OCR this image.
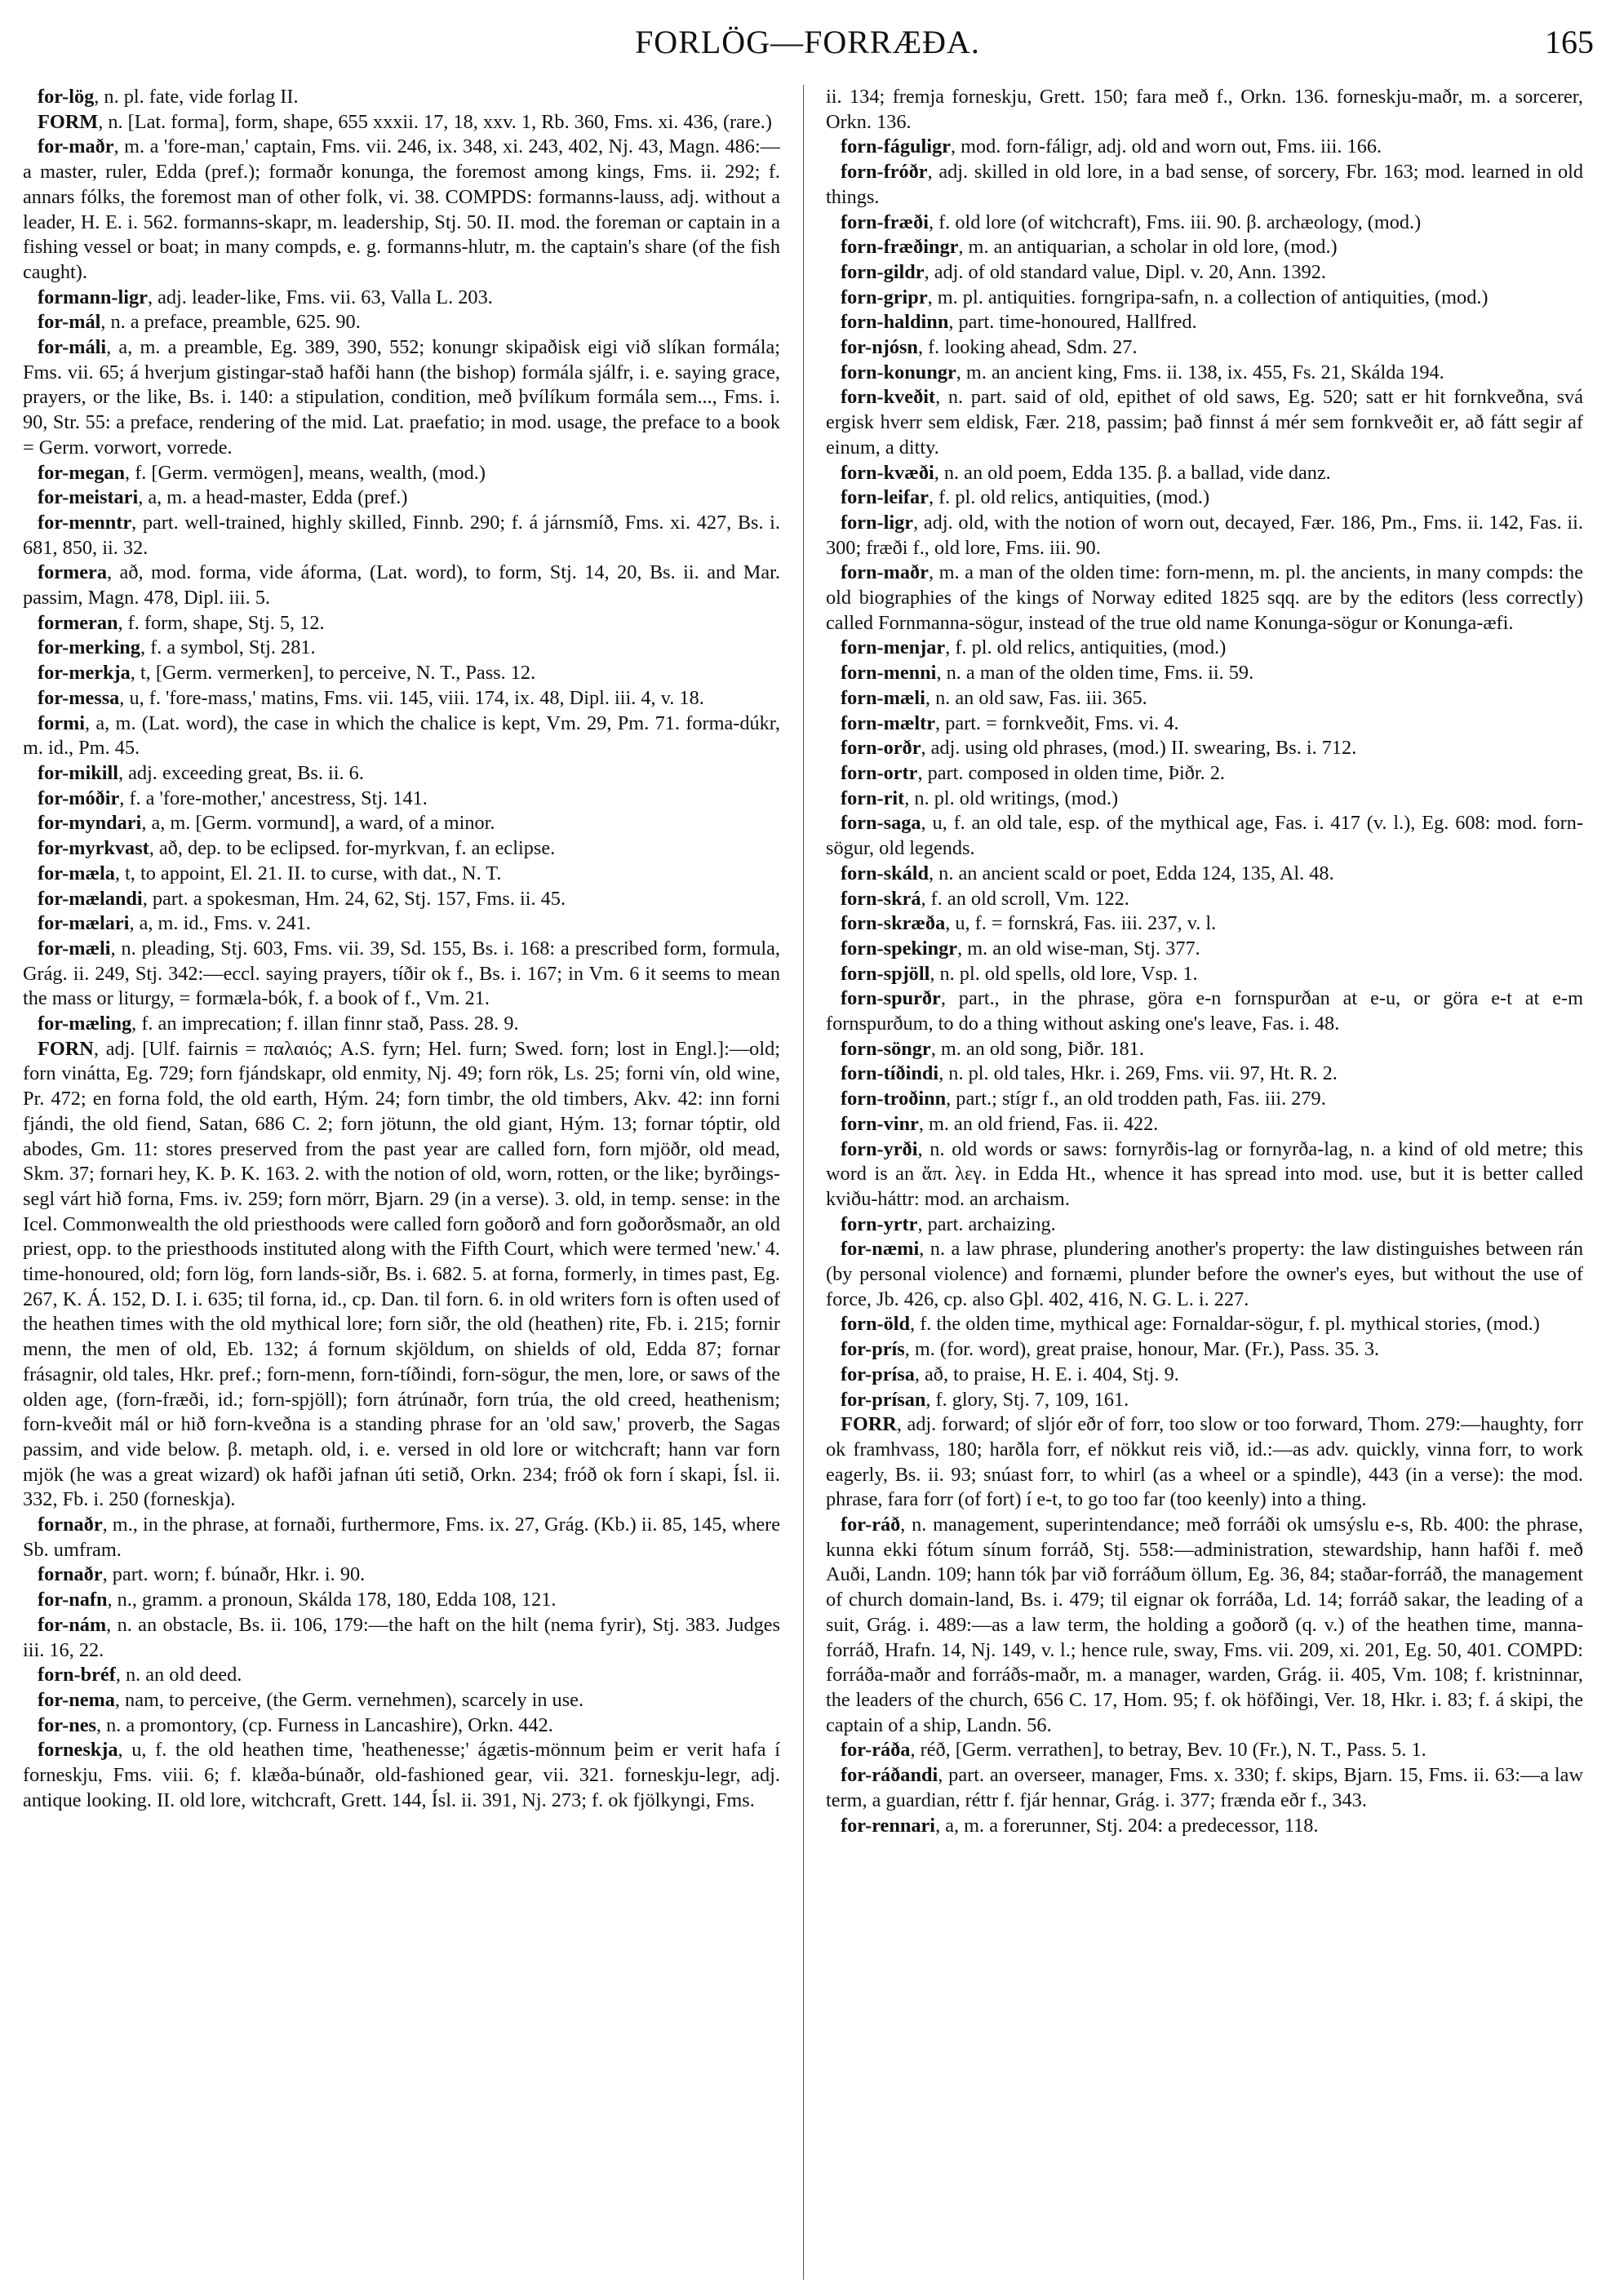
FORLÖG—FORRÆÐA.	165

for-lög, n. pl. fate, vide forlag II.

FORM, n. [Lat. forma], form, shape, 655 xxxii. 17, 18, xxv. 1, Rb. 360, Fms. xi. 436, (rare.)

for-maðr, m. a 'fore-man,' captain, Fms. vii. 246, ix. 348, xi. 243, 402, Nj. 43, Magn. 486:—a master, ruler, Edda (pref.); formaðr konunga, the foremost among kings, Fms. ii. 292; f. annars fólks, the foremost man of other folk, vi. 38. COMPDS: formanns-lauss, adj. without a leader, H. E. i. 562. formanns-skapr, m. leadership, Stj. 50. II. mod. the foreman or captain in a fishing vessel or boat; in many compds, e. g. formanns-hlutr, m. the captain's share (of the fish caught).

formann-ligr, adj. leader-like, Fms. vii. 63, Valla L. 203.

for-mál, n. a preface, preamble, 625. 90.

for-máli, a, m. a preamble, Eg. 389, 390, 552; konungr skipaðisk eigi við slíkan formála; Fms. vii. 65; á hverjum gistingar-stað hafði hann (the bishop) formála sjálfr, i. e. saying grace, prayers, or the like, Bs. i. 140: a stipulation, condition, með þvílíkum formála sem..., Fms. i. 90, Str. 55: a preface, rendering of the mid. Lat. praefatio; in mod. usage, the preface to a book = Germ. vorwort, vorrede.

for-megan, f. [Germ. vermögen], means, wealth, (mod.)

for-meistari, a, m. a head-master, Edda (pref.)

for-menntr, part. well-trained, highly skilled, Finnb. 290; f. á járnsmíð, Fms. xi. 427, Bs. i. 681, 850, ii. 32.

formera, að, mod. forma, vide áforma, (Lat. word), to form, Stj. 14, 20, Bs. ii. and Mar. passim, Magn. 478, Dipl. iii. 5.

formeran, f. form, shape, Stj. 5, 12.

for-merking, f. a symbol, Stj. 281.

for-merkja, t, [Germ. vermerken], to perceive, N. T., Pass. 12.

for-messa, u, f. 'fore-mass,' matins, Fms. vii. 145, viii. 174, ix. 48, Dipl. iii. 4, v. 18.

formi, a, m. (Lat. word), the case in which the chalice is kept, Vm. 29, Pm. 71. forma-dúkr, m. id., Pm. 45.

for-mikill, adj. exceeding great, Bs. ii. 6.

for-móðir, f. a 'fore-mother,' ancestress, Stj. 141.

for-myndari, a, m. [Germ. vormund], a ward, of a minor.

for-myrkvast, að, dep. to be eclipsed. for-myrkvan, f. an eclipse.

for-mæla, t, to appoint, El. 21. II. to curse, with dat., N. T.

for-mælandi, part. a spokesman, Hm. 24, 62, Stj. 157, Fms. ii. 45.

for-mælari, a, m. id., Fms. v. 241.

for-mæli, n. pleading, Stj. 603, Fms. vii. 39, Sd. 155, Bs. i. 168: a prescribed form, formula, Grág. ii. 249, Stj. 342:—eccl. saying prayers, tíðir ok f., Bs. i. 167; in Vm. 6 it seems to mean the mass or liturgy, = formæla-bók, f. a book of f., Vm. 21.

for-mæling, f. an imprecation; f. illan finnr stað, Pass. 28. 9.

FORN, adj. [Ulf. fairnis = παλαιός; A.S. fyrn; Hel. furn; Swed. forn; lost in Engl.]:—old; forn vinátta, Eg. 729; forn fjándskapr, old enmity, Nj. 49; forn rök, Ls. 25; forni vín, old wine, Pr. 472; en forna fold, the old earth, Hým. 24; forn timbr, the old timbers, Akv. 42: inn forni fjándi, the old fiend, Satan, 686 C. 2; forn jötunn, the old giant, Hým. 13; fornar tóptir, old abodes, Gm. 11: stores preserved from the past year are called forn, forn mjöðr, old mead, Skm. 37; fornari hey, K. Þ. K. 163. 2. with the notion of old, worn, rotten, or the like; byrðings-segl várt hið forna, Fms. iv. 259; forn mörr, Bjarn. 29 (in a verse). 3. old, in temp. sense: in the Icel. Commonwealth the old priesthoods were called forn goðorð and forn goðorðsmaðr, an old priest, opp. to the priesthoods instituted along with the Fifth Court, which were termed 'new.' 4. time-honoured, old; forn lög, forn lands-siðr, Bs. i. 682. 5. at forna, formerly, in times past, Eg. 267, K. Á. 152, D. I. i. 635; til forna, id., cp. Dan. til forn. 6. in old writers forn is often used of the heathen times with the old mythical lore; forn siðr, the old (heathen) rite, Fb. i. 215; fornir menn, the men of old, Eb. 132; á fornum skjöldum, on shields of old, Edda 87; fornar frásagnir, old tales, Hkr. pref.; forn-menn, forn-tíðindi, forn-sögur, the men, lore, or saws of the olden age, (forn-fræði, id.; forn-spjöll); forn átrúnaðr, forn trúa, the old creed, heathenism; forn-kveðit mál or hið forn-kveðna is a standing phrase for an 'old saw,' proverb, the Sagas passim, and vide below. β. metaph. old, i. e. versed in old lore or witchcraft; hann var forn mjök (he was a great wizard) ok hafði jafnan úti setið, Orkn. 234; fróð ok forn í skapi, Ísl. ii. 332, Fb. i. 250 (forneskja).

fornaðr, m., in the phrase, at fornaði, furthermore, Fms. ix. 27, Grág. (Kb.) ii. 85, 145, where Sb. umfram.

fornaðr, part. worn; f. búnaðr, Hkr. i. 90.

for-nafn, n., gramm. a pronoun, Skálda 178, 180, Edda 108, 121.

for-nám, n. an obstacle, Bs. ii. 106, 179:—the haft on the hilt (nema fyrir), Stj. 383. Judges iii. 16, 22.

forn-bréf, n. an old deed.

for-nema, nam, to perceive, (the Germ. vernehmen), scarcely in use.

for-nes, n. a promontory, (cp. Furness in Lancashire), Orkn. 442.

forneskja, u, f. the old heathen time, 'heathenesse;' ágætis-mönnum þeim er verit hafa í forneskju, Fms. viii. 6; f. klæða-búnaðr, old-fashioned gear, vii. 321. forneskju-legr, adj. antique looking. II. old lore, witchcraft, Grett. 144, Ísl. ii. 391, Nj. 273; f. ok fjölkyngi, Fms.

ii. 134; fremja forneskju, Grett. 150; fara með f., Orkn. 136. forneskju-maðr, m. a sorcerer, Orkn. 136.

forn-fáguligr, mod. forn-fáligr, adj. old and worn out, Fms. iii. 166.

forn-fróðr, adj. skilled in old lore, in a bad sense, of sorcery, Fbr. 163; mod. learned in old things.

forn-fræði, f. old lore (of witchcraft), Fms. iii. 90. β. archæology, (mod.)

forn-fræðingr, m. an antiquarian, a scholar in old lore, (mod.)

forn-gildr, adj. of old standard value, Dipl. v. 20, Ann. 1392.

forn-gripr, m. pl. antiquities. forngripa-safn, n. a collection of antiquities, (mod.)

forn-haldinn, part. time-honoured, Hallfred.

for-njósn, f. looking ahead, Sdm. 27.

forn-konungr, m. an ancient king, Fms. ii. 138, ix. 455, Fs. 21, Skálda 194.

forn-kveðit, n. part. said of old, epithet of old saws, Eg. 520; satt er hit fornkveðna, svá ergisk hverr sem eldisk, Fær. 218, passim; það finnst á mér sem fornkveðit er, að fátt segir af einum, a ditty.

forn-kvæði, n. an old poem, Edda 135. β. a ballad, vide danz.

forn-leifar, f. pl. old relics, antiquities, (mod.)

forn-ligr, adj. old, with the notion of worn out, decayed, Fær. 186, Pm., Fms. ii. 142, Fas. ii. 300; fræði f., old lore, Fms. iii. 90.

forn-maðr, m. a man of the olden time: forn-menn, m. pl. the ancients, in many compds: the old biographies of the kings of Norway edited 1825 sqq. are by the editors (less correctly) called Fornmanna-sögur, instead of the true old name Konunga-sögur or Konunga-æfi.

forn-menjar, f. pl. old relics, antiquities, (mod.)

forn-menni, n. a man of the olden time, Fms. ii. 59.

forn-mæli, n. an old saw, Fas. iii. 365.

forn-mæltr, part. = fornkveðit, Fms. vi. 4.

forn-orðr, adj. using old phrases, (mod.) II. swearing, Bs. i. 712.

forn-ortr, part. composed in olden time, Þiðr. 2.

forn-rit, n. pl. old writings, (mod.)

forn-saga, u, f. an old tale, esp. of the mythical age, Fas. i. 417 (v. l.), Eg. 608: mod. forn-sögur, old legends.

forn-skáld, n. an ancient scald or poet, Edda 124, 135, Al. 48.

forn-skrá, f. an old scroll, Vm. 122.

forn-skræða, u, f. = fornskrá, Fas. iii. 237, v. l.

forn-spekingr, m. an old wise-man, Stj. 377.

forn-spjöll, n. pl. old spells, old lore, Vsp. 1.

forn-spurðr, part., in the phrase, göra e-n fornspurðan at e-u, or göra e-t at e-m fornspurðum, to do a thing without asking one's leave, Fas. i. 48.

forn-söngr, m. an old song, Þiðr. 181.

forn-tíðindi, n. pl. old tales, Hkr. i. 269, Fms. vii. 97, Ht. R. 2.

forn-troðinn, part.; stígr f., an old trodden path, Fas. iii. 279.

forn-vinr, m. an old friend, Fas. ii. 422.

forn-yrði, n. old words or saws: fornyrðis-lag or fornyrða-lag, n. a kind of old metre; this word is an ἅπ. λεγ. in Edda Ht., whence it has spread into mod. use, but it is better called kviðu-háttr: mod. an archaism.

forn-yrtr, part. archaizing.

for-næmi, n. a law phrase, plundering another's property: the law distinguishes between rán (by personal violence) and fornæmi, plunder before the owner's eyes, but without the use of force, Jb. 426, cp. also Gþl. 402, 416, N. G. L. i. 227.

forn-öld, f. the olden time, mythical age: Fornaldar-sögur, f. pl. mythical stories, (mod.)

for-prís, m. (for. word), great praise, honour, Mar. (Fr.), Pass. 35. 3.

for-prísa, að, to praise, H. E. i. 404, Stj. 9.

for-prísan, f. glory, Stj. 7, 109, 161.

FORR, adj. forward; of sljór eðr of forr, too slow or too forward, Thom. 279:—haughty, forr ok framhvass, 180; harðla forr, ef nökkut reis við, id.:—as adv. quickly, vinna forr, to work eagerly, Bs. ii. 93; snúast forr, to whirl (as a wheel or a spindle), 443 (in a verse): the mod. phrase, fara forr (of fort) í e-t, to go too far (too keenly) into a thing.

for-ráð, n. management, superintendance; með forráði ok umsýslu e-s, Rb. 400: the phrase, kunna ekki fótum sínum forráð, Stj. 558:—administration, stewardship, hann hafði f. með Auði, Landn. 109; hann tók þar við forráðum öllum, Eg. 36, 84; staðar-forráð, the management of church domain-land, Bs. i. 479; til eignar ok forráða, Ld. 14; forráð sakar, the leading of a suit, Grág. i. 489:—as a law term, the holding a goðorð (q. v.) of the heathen time, manna-forráð, Hrafn. 14, Nj. 149, v. l.; hence rule, sway, Fms. vii. 209, xi. 201, Eg. 50, 401. COMPD: forráða-maðr and forráðs-maðr, m. a manager, warden, Grág. ii. 405, Vm. 108; f. kristninnar, the leaders of the church, 656 C. 17, Hom. 95; f. ok höfðingi, Ver. 18, Hkr. i. 83; f. á skipi, the captain of a ship, Landn. 56.

for-ráða, réð, [Germ. verrathen], to betray, Bev. 10 (Fr.), N. T., Pass. 5. 1.

for-ráðandi, part. an overseer, manager, Fms. x. 330; f. skips, Bjarn. 15, Fms. ii. 63:—a law term, a guardian, réttr f. fjár hennar, Grág. i. 377; frænda eðr f., 343.

for-rennari, a, m. a forerunner, Stj. 204: a predecessor, 118.
